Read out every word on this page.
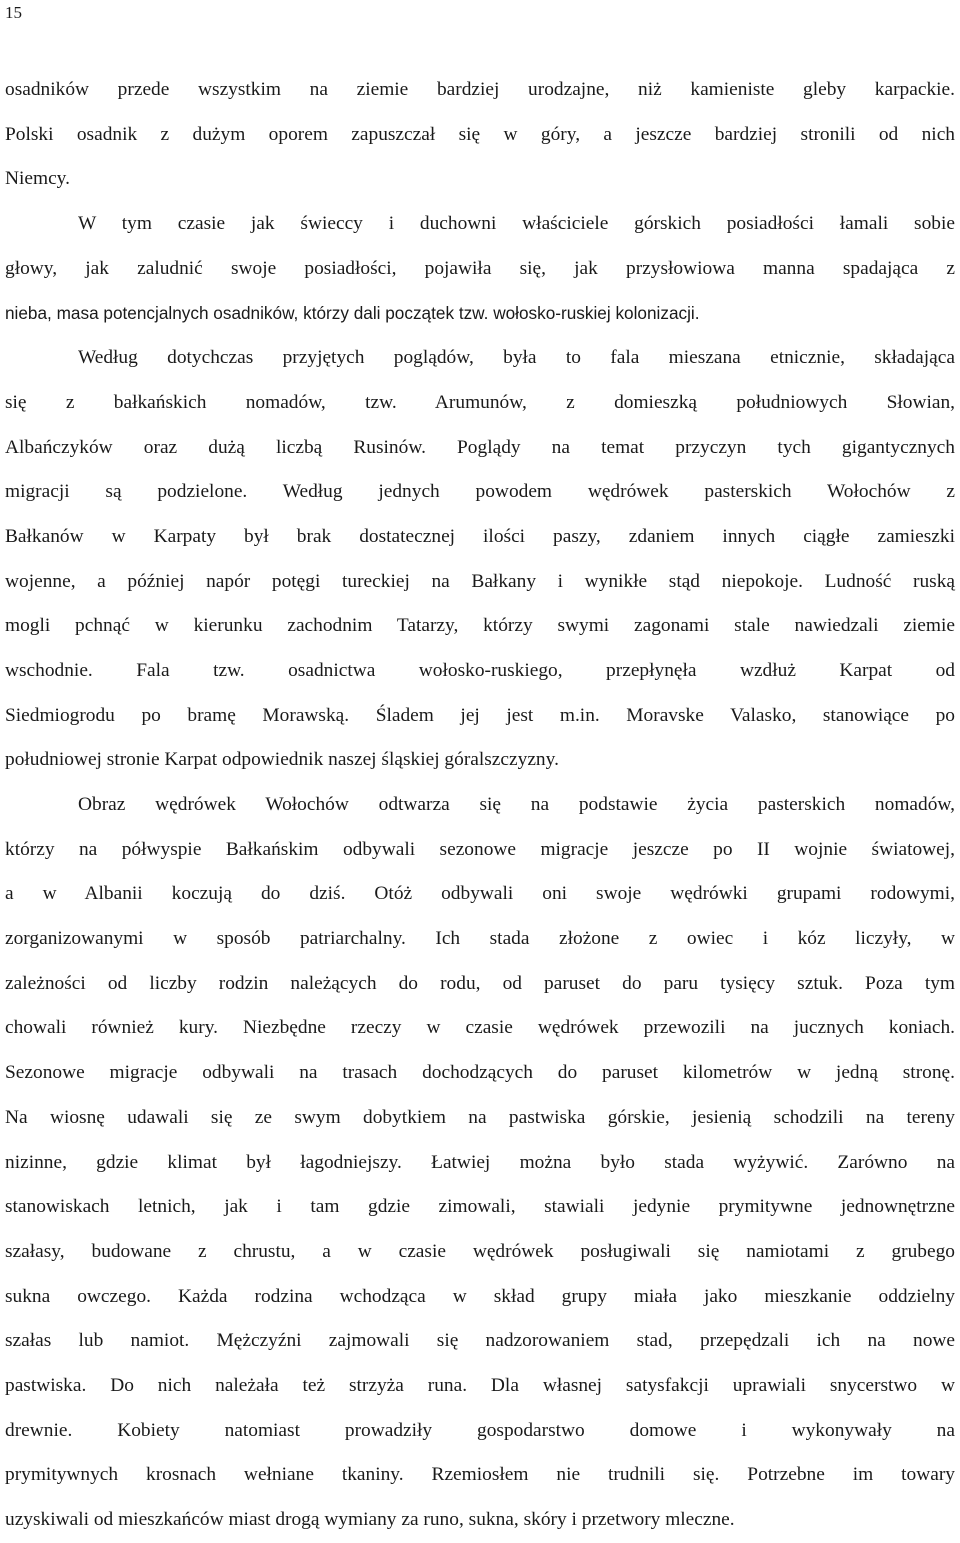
15
osadników przede wszystkim na ziemie bardziej urodzajne, niż kamieniste gleby karpackie.
Polski osadnik z dużym oporem zapuszczał się w góry, a jeszcze bardziej stronili od nich
Niemcy.
W tym czasie jak świeccy i duchowni właściciele górskich posiadłości łamali sobie
głowy, jak zaludnić swoje posiadłości, pojawiła się, jak przysłowiowa manna spadająca z
nieba, masa potencjalnych osadników, którzy dali początek tzw. wołosko-ruskiej kolonizacji.
Według dotychczas przyjętych poglądów, była to fala mieszana etnicznie, składająca
się z bałkańskich nomadów, tzw. Arumunów, z domieszką południowych Słowian,
Albańczyków oraz dużą liczbą Rusinów. Poglądy na temat przyczyn tych gigantycznych
migracji są podzielone. Według jednych powodem wędrówek pasterskich Wołochów z
Bałkanów w Karpaty był brak dostatecznej ilości paszy, zdaniem innych ciągłe zamieszki
wojenne, a później napór potęgi tureckiej na Bałkany i wynikłe stąd niepokoje. Ludność ruską
mogli pchnąć w kierunku zachodnim Tatarzy, którzy swymi zagonami stale nawiedzali ziemie
wschodnie. Fala tzw. osadnictwa wołosko-ruskiego, przepłynęła wzdłuż Karpat od
Siedmiogrodu po bramę Morawską. Śladem jej jest m.in. Moravske Valasko, stanowiące po
południowej stronie Karpat odpowiednik naszej śląskiej góralszczyzny.
Obraz wędrówek Wołochów odtwarza się na podstawie życia pasterskich nomadów,
którzy na półwyspie Bałkańskim odbywali sezonowe migracje jeszcze po II wojnie światowej,
a w Albanii koczują do dziś. Otóż odbywali oni swoje wędrówki grupami rodowymi,
zorganizowanymi w sposób patriarchalny. Ich stada złożone z owiec i kóz liczyły, w
zależności od liczby rodzin należących do rodu, od paruset do paru tysięcy sztuk. Poza tym
chowali również kury. Niezbędne rzeczy w czasie wędrówek przewozili na jucznych koniach.
Sezonowe migracje odbywali na trasach dochodzących do paruset kilometrów w jedną stronę.
Na wiosnę udawali się ze swym dobytkiem na pastwiska górskie, jesienią schodzili na tereny
nizinne, gdzie klimat był łagodniejszy. Łatwiej można było stada wyżywić. Zarówno na
stanowiskach letnich, jak i tam gdzie zimowali, stawiali jedynie prymitywne jednownętrzne
szałasy, budowane z chrustu, a w czasie wędrówek posługiwali się namiotami z grubego
sukna owczego. Każda rodzina wchodząca w skład grupy miała jako mieszkanie oddzielny
szałas lub namiot. Mężczyźni zajmowali się nadzorowaniem stad, przepędzali ich na nowe
pastwiska. Do nich należała też strzyża runa. Dla własnej satysfakcji uprawiali snycerstwo w
drewnie. Kobiety natomiast prowadziły gospodarstwo domowe i wykonywały na
prymitywnych krosnach wełniane tkaniny. Rzemiosłem nie trudnili się. Potrzebne im towary
uzyskiwali od mieszkańców miast drogą wymiany za runo, sukna, skóry i przetwory mleczne.
